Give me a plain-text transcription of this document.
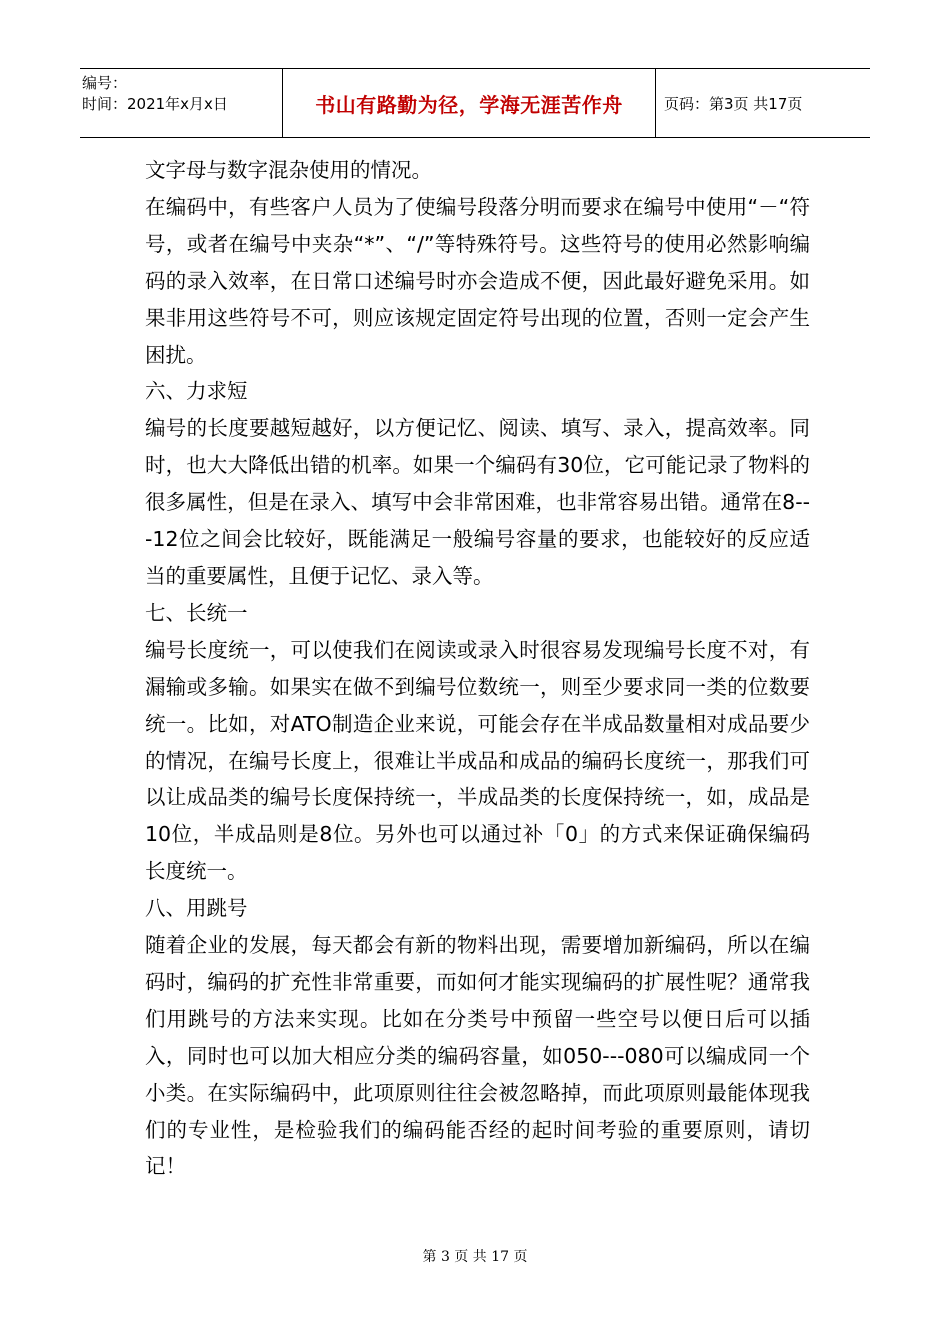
编号：
时间：2021年x月x日	书山有路勤为径，学海无涯苦作舟	页码：第3页 共17页

文字母与数字混杂使用的情况。

在编码中，有些客户人员为了使编号段落分明而要求在编号中使用“－“符号，或者在编号中夹杂“*”、“/”等特殊符号。这些符号的使用必然影响编码的录入效率，在日常口述编号时亦会造成不便，因此最好避免采用。如果非用这些符号不可，则应该规定固定符号出现的位置，否则一定会产生困扰。

六、力求短

编号的长度要越短越好，以方便记忆、阅读、填写、录入，提高效率。同时，也大大降低出错的机率。如果一个编码有30位，它可能记录了物料的很多属性，但是在录入、填写中会非常困难，也非常容易出错。通常在8---12位之间会比较好，既能满足一般编号容量的要求，也能较好的反应适当的重要属性，且便于记忆、录入等。

七、长统一

编号长度统一，可以使我们在阅读或录入时很容易发现编号长度不对，有漏输或多输。如果实在做不到编号位数统一，则至少要求同一类的位数要统一。比如，对ATO制造企业来说，可能会存在半成品数量相对成品要少的情况，在编号长度上，很难让半成品和成品的编码长度统一，那我们可以让成品类的编号长度保持统一，半成品类的长度保持统一，如，成品是10位，半成品则是8位。另外也可以通过补「0」的方式来保证确保编码长度统一。

八、用跳号

随着企业的发展，每天都会有新的物料出现，需要增加新编码，所以在编码时，编码的扩充性非常重要，而如何才能实现编码的扩展性呢？通常我们用跳号的方法来实现。比如在分类号中预留一些空号以便日后可以插入，同时也可以加大相应分类的编码容量，如050---080可以编成同一个小类。在实际编码中，此项原则往往会被忽略掉，而此项原则最能体现我们的专业性，是检验我们的编码能否经的起时间考验的重要原则，请切记！

第 3 页 共 17 页
